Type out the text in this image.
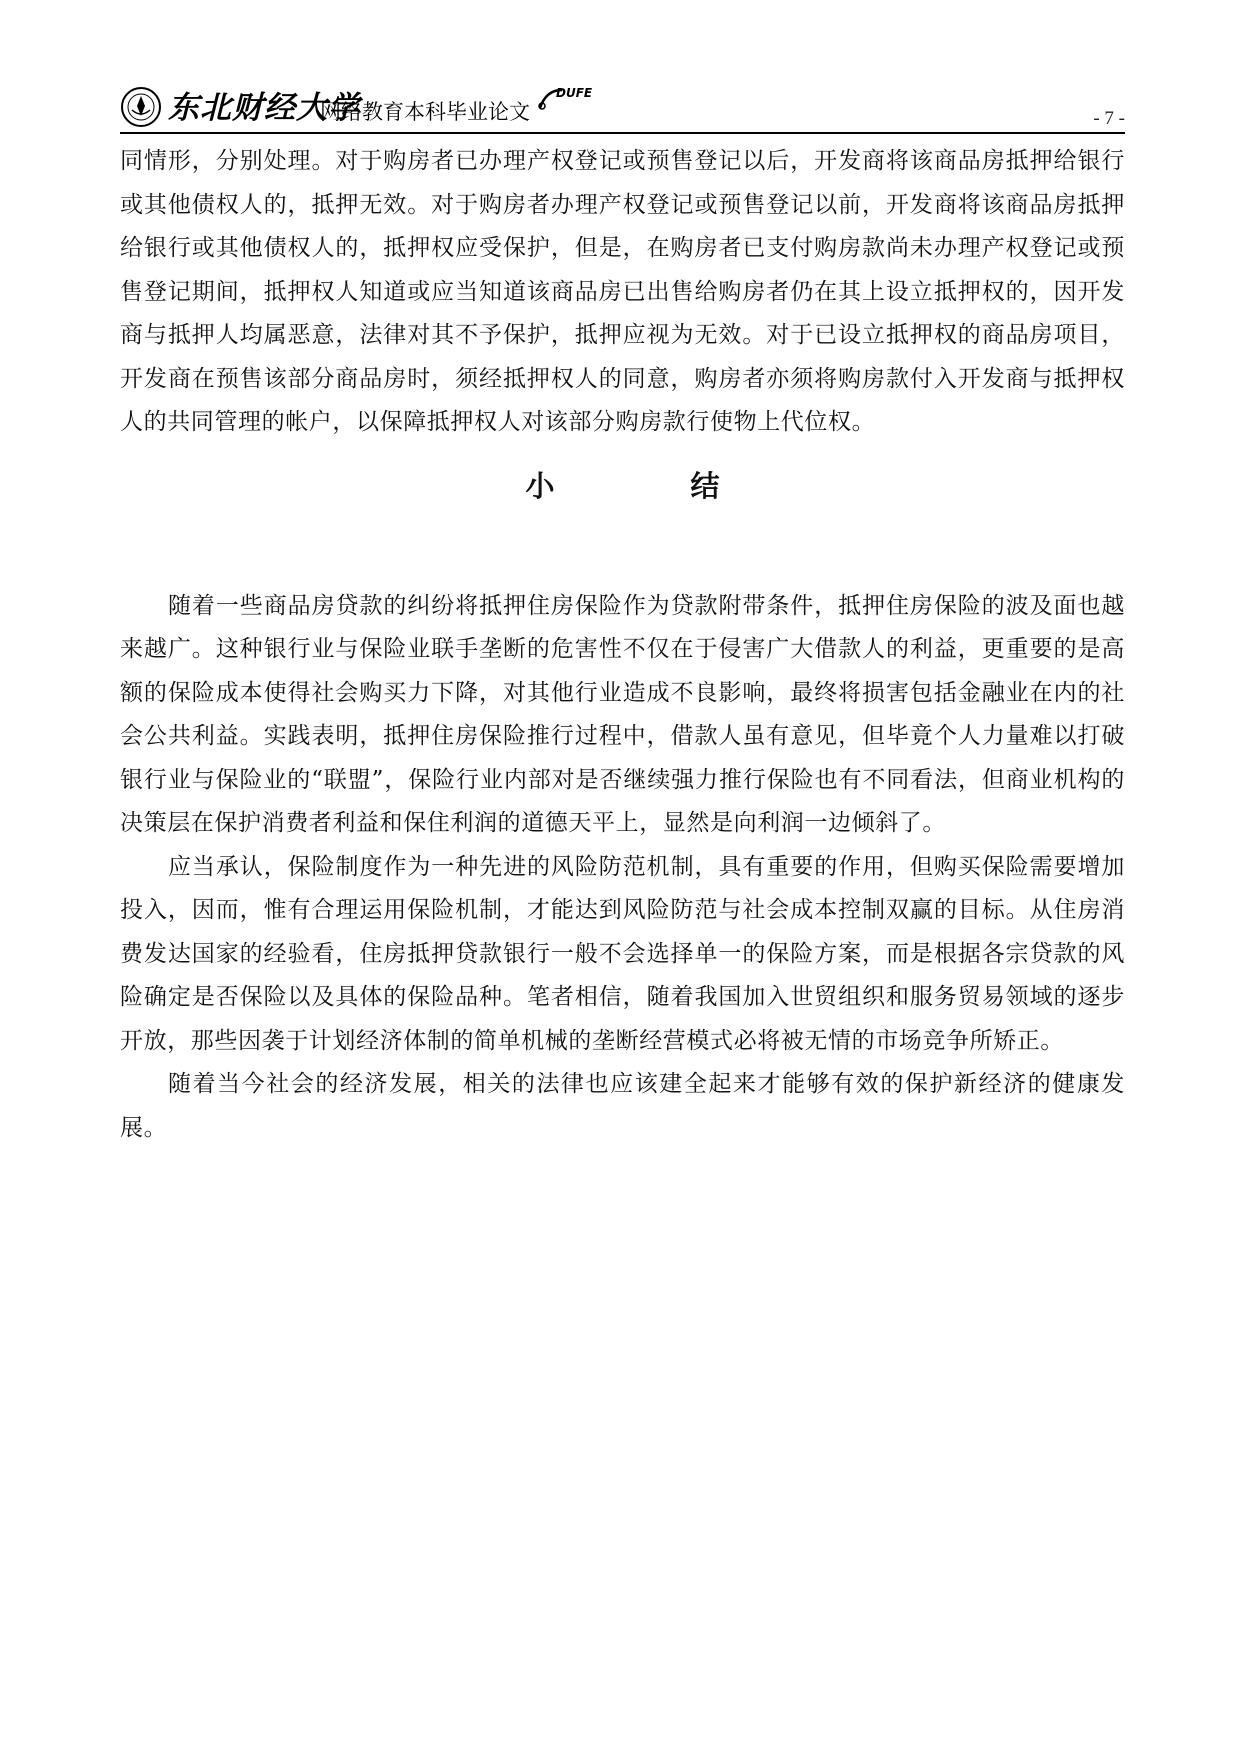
东北财经大学
网络教育本科毕业论文
DUFE
- 7 -

同情形，分别处理。对于购房者已办理产权登记或预售登记以后，开发商将该商品房抵押给银行或其他债权人的，抵押无效。对于购房者办理产权登记或预售登记以前，开发商将该商品房抵押给银行或其他债权人的，抵押权应受保护，但是，在购房者已支付购房款尚未办理产权登记或预售登记期间，抵押权人知道或应当知道该商品房已出售给购房者仍在其上设立抵押权的，因开发商与抵押人均属恶意，法律对其不予保护，抵押应视为无效。对于已设立抵押权的商品房项目，开发商在预售该部分商品房时，须经抵押权人的同意，购房者亦须将购房款付入开发商与抵押权人的共同管理的帐户，以保障抵押权人对该部分购房款行使物上代位权。

小	结

随着一些商品房贷款的纠纷将抵押住房保险作为贷款附带条件，抵押住房保险的波及面也越来越广。这种银行业与保险业联手垄断的危害性不仅在于侵害广大借款人的利益，更重要的是高额的保险成本使得社会购买力下降，对其他行业造成不良影响，最终将损害包括金融业在内的社会公共利益。实践表明，抵押住房保险推行过程中，借款人虽有意见，但毕竟个人力量难以打破银行业与保险业的“联盟”，保险行业内部对是否继续强力推行保险也有不同看法，但商业机构的决策层在保护消费者利益和保住利润的道德天平上，显然是向利润一边倾斜了。

应当承认，保险制度作为一种先进的风险防范机制，具有重要的作用，但购买保险需要增加投入，因而，惟有合理运用保险机制，才能达到风险防范与社会成本控制双赢的目标。从住房消费发达国家的经验看，住房抵押贷款银行一般不会选择单一的保险方案，而是根据各宗贷款的风险确定是否保险以及具体的保险品种。笔者相信，随着我国加入世贸组织和服务贸易领域的逐步开放，那些因袭于计划经济体制的简单机械的垄断经营模式必将被无情的市场竞争所矫正。

随着当今社会的经济发展，相关的法律也应该建全起来才能够有效的保护新经济的健康发展。
